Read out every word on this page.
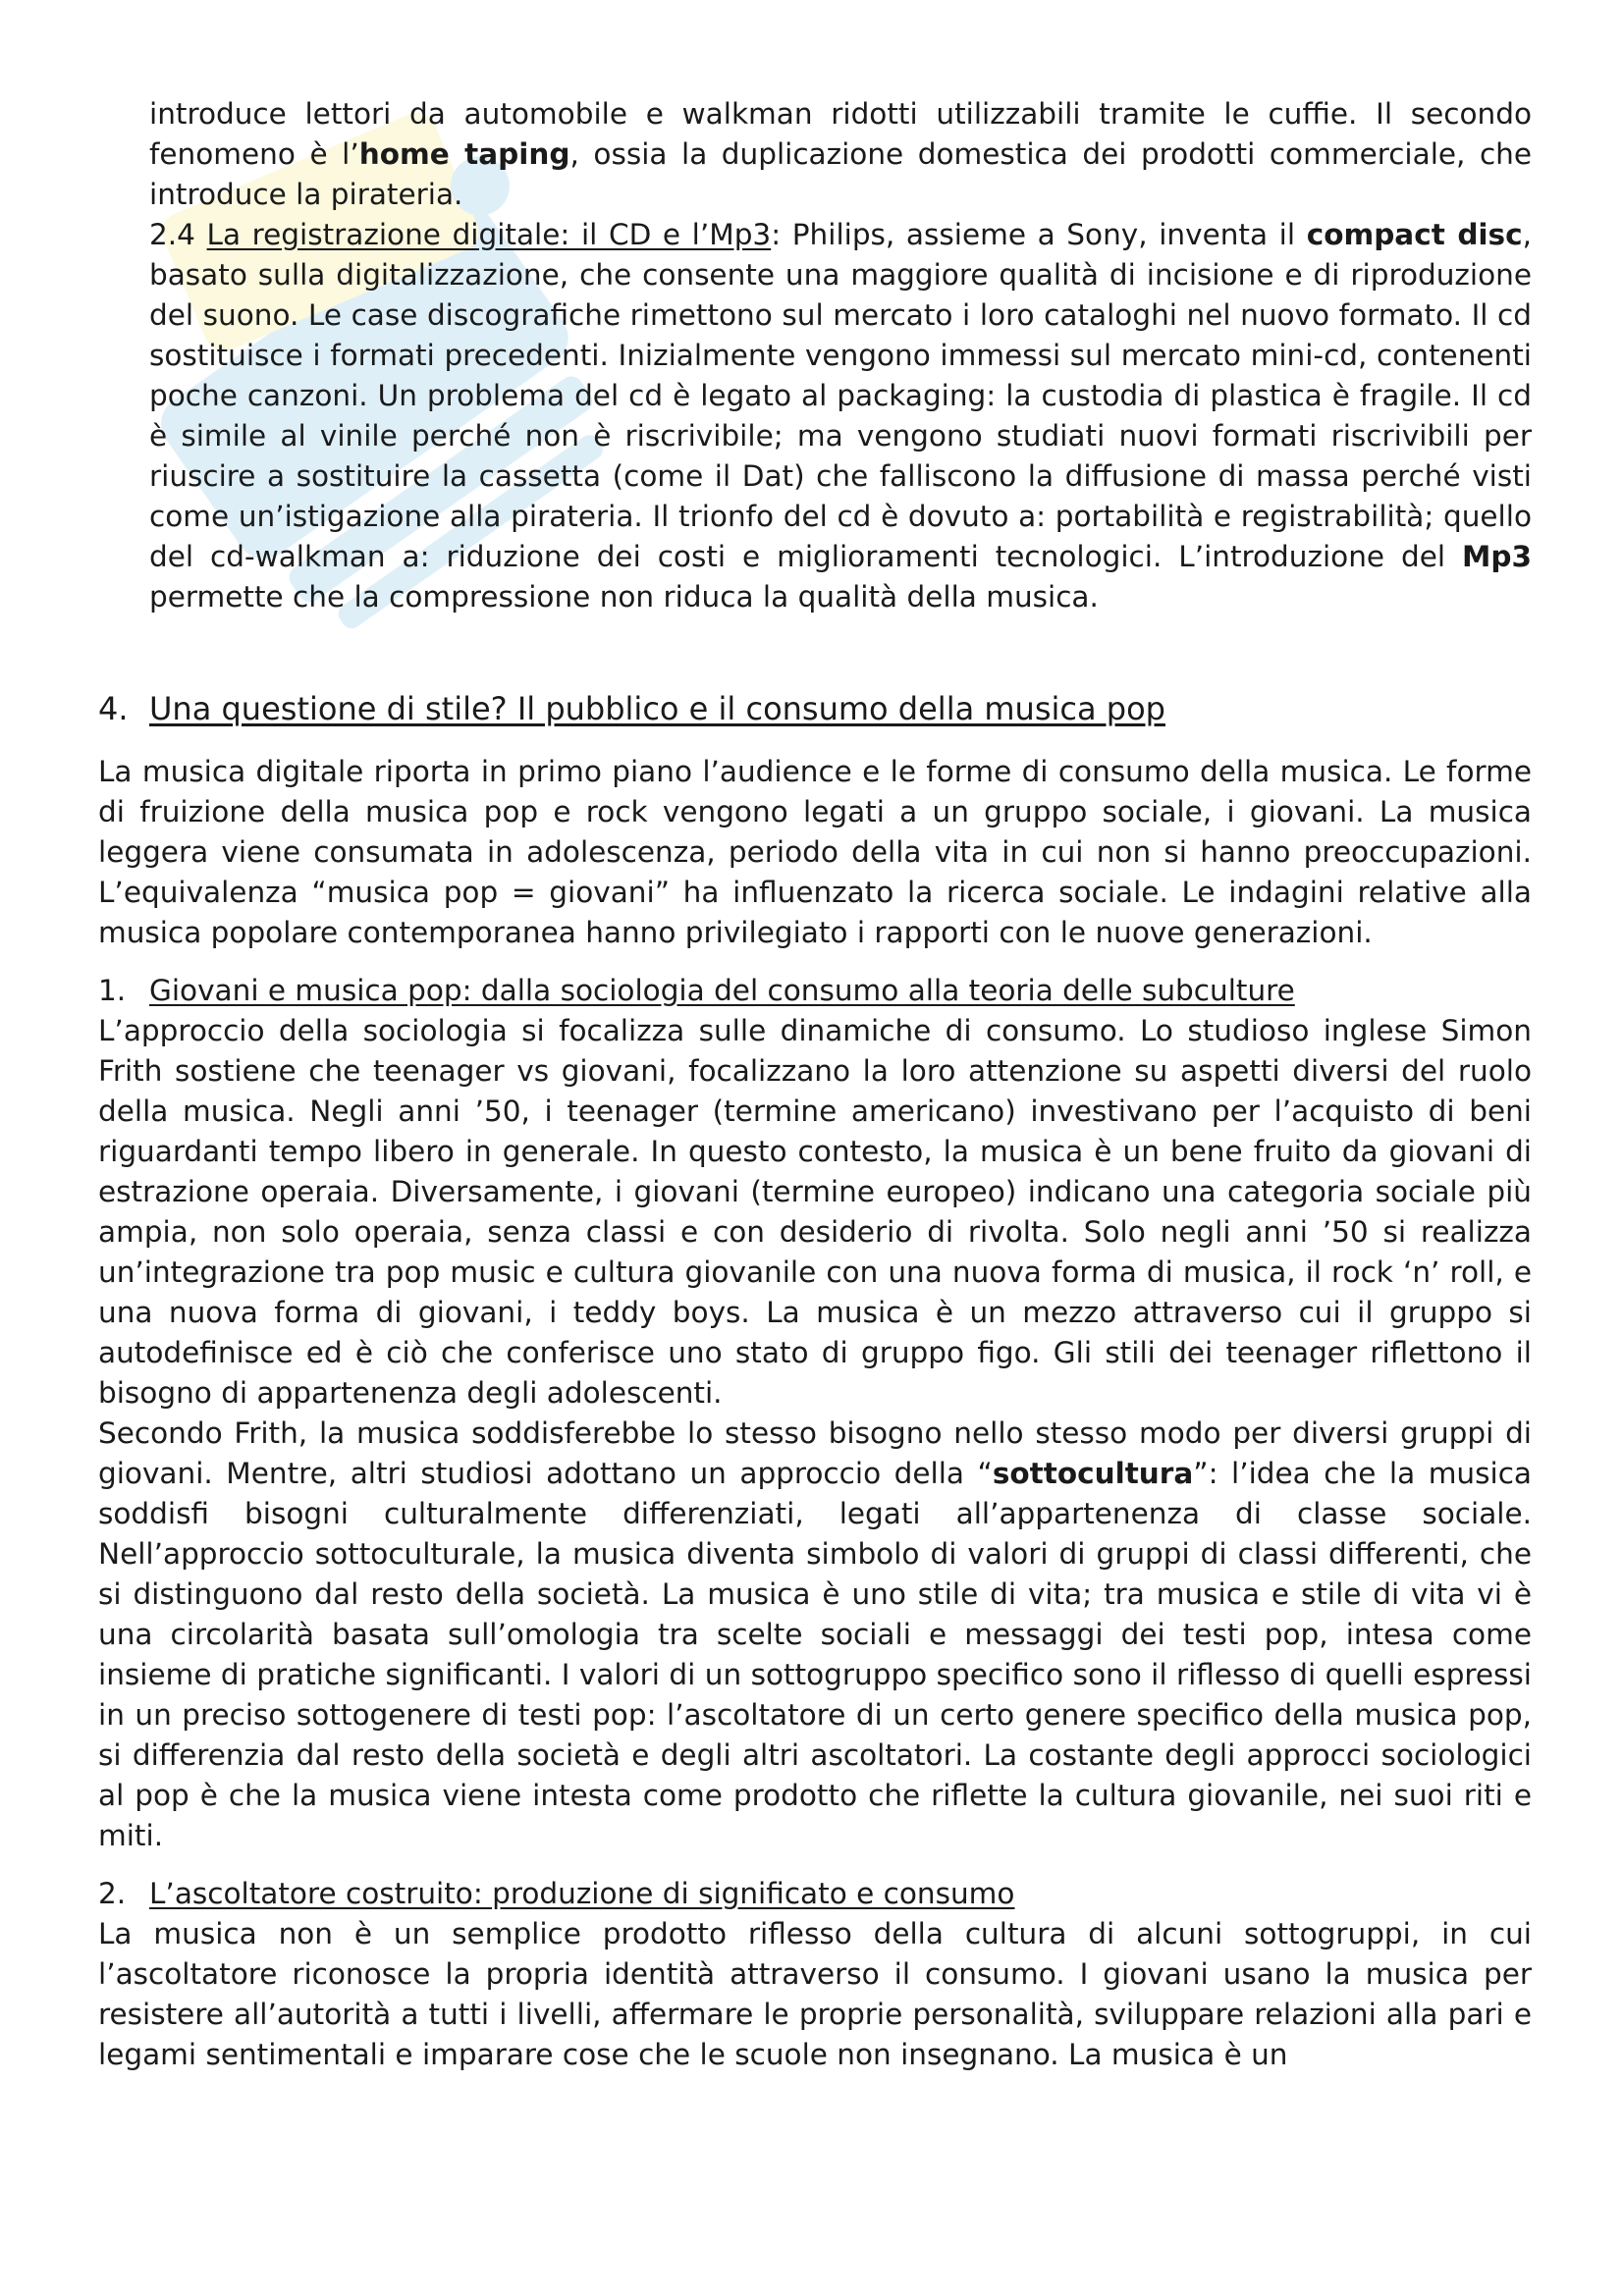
introduce lettori da automobile e walkman ridotti utilizzabili tramite le cuffie. Il secondo fenomeno è l’home taping, ossia la duplicazione domestica dei prodotti commerciale, che introduce la pirateria.

2.4 La registrazione digitale: il CD e l’Mp3: Philips, assieme a Sony, inventa il compact disc, basato sulla digitalizzazione, che consente una maggiore qualità di incisione e di riproduzione del suono. Le case discografiche rimettono sul mercato i loro cataloghi nel nuovo formato. Il cd sostituisce i formati precedenti. Inizialmente vengono immessi sul mercato mini-cd, contenenti poche canzoni. Un problema del cd è legato al packaging: la custodia di plastica è fragile. Il cd è simile al vinile perché non è riscrivibile; ma vengono studiati nuovi formati riscrivibili per riuscire a sostituire la cassetta (come il Dat) che falliscono la diffusione di massa perché visti come un’istigazione alla pirateria. Il trionfo del cd è dovuto a: portabilità e registrabilità; quello del cd-walkman a: riduzione dei costi e miglioramenti tecnologici. L’introduzione del Mp3 permette che la compressione non riduca la qualità della musica.

4. Una questione di stile? Il pubblico e il consumo della musica pop

La musica digitale riporta in primo piano l’audience e le forme di consumo della musica. Le forme di fruizione della musica pop e rock vengono legati a un gruppo sociale, i giovani. La musica leggera viene consumata in adolescenza, periodo della vita in cui non si hanno preoccupazioni. L’equivalenza “musica pop = giovani” ha influenzato la ricerca sociale. Le indagini relative alla musica popolare contemporanea hanno privilegiato i rapporti con le nuove generazioni.

1. Giovani e musica pop: dalla sociologia del consumo alla teoria delle subculture

L’approccio della sociologia si focalizza sulle dinamiche di consumo. Lo studioso inglese Simon Frith sostiene che teenager vs giovani, focalizzano la loro attenzione su aspetti diversi del ruolo della musica. Negli anni ’50, i teenager (termine americano) investivano per l’acquisto di beni riguardanti tempo libero in generale. In questo contesto, la musica è un bene fruito da giovani di estrazione operaia. Diversamente, i giovani (termine europeo) indicano una categoria sociale più ampia, non solo operaia, senza classi e con desiderio di rivolta. Solo negli anni ’50 si realizza un’integrazione tra pop music e cultura giovanile con una nuova forma di musica, il rock ‘n’ roll, e una nuova forma di giovani, i teddy boys. La musica è un mezzo attraverso cui il gruppo si autodefinisce ed è ciò che conferisce uno stato di gruppo figo. Gli stili dei teenager riflettono il bisogno di appartenenza degli adolescenti.

Secondo Frith, la musica soddisferebbe lo stesso bisogno nello stesso modo per diversi gruppi di giovani. Mentre, altri studiosi adottano un approccio della “sottocultura”: l’idea che la musica soddisfi bisogni culturalmente differenziati, legati all’appartenenza di classe sociale. Nell’approccio sottoculturale, la musica diventa simbolo di valori di gruppi di classi differenti, che si distinguono dal resto della società. La musica è uno stile di vita; tra musica e stile di vita vi è una circolarità basata sull’omologia tra scelte sociali e messaggi dei testi pop, intesa come insieme di pratiche significanti. I valori di un sottogruppo specifico sono il riflesso di quelli espressi in un preciso sottogenere di testi pop: l’ascoltatore di un certo genere specifico della musica pop, si differenzia dal resto della società e degli altri ascoltatori. La costante degli approcci sociologici al pop è che la musica viene intesta come prodotto che riflette la cultura giovanile, nei suoi riti e miti.

2. L’ascoltatore costruito: produzione di significato e consumo

La musica non è un semplice prodotto riflesso della cultura di alcuni sottogruppi, in cui l’ascoltatore riconosce la propria identità attraverso il consumo. I giovani usano la musica per resistere all’autorità a tutti i livelli, affermare le proprie personalità, sviluppare relazioni alla pari e legami sentimentali e imparare cose che le scuole non insegnano. La musica è un
